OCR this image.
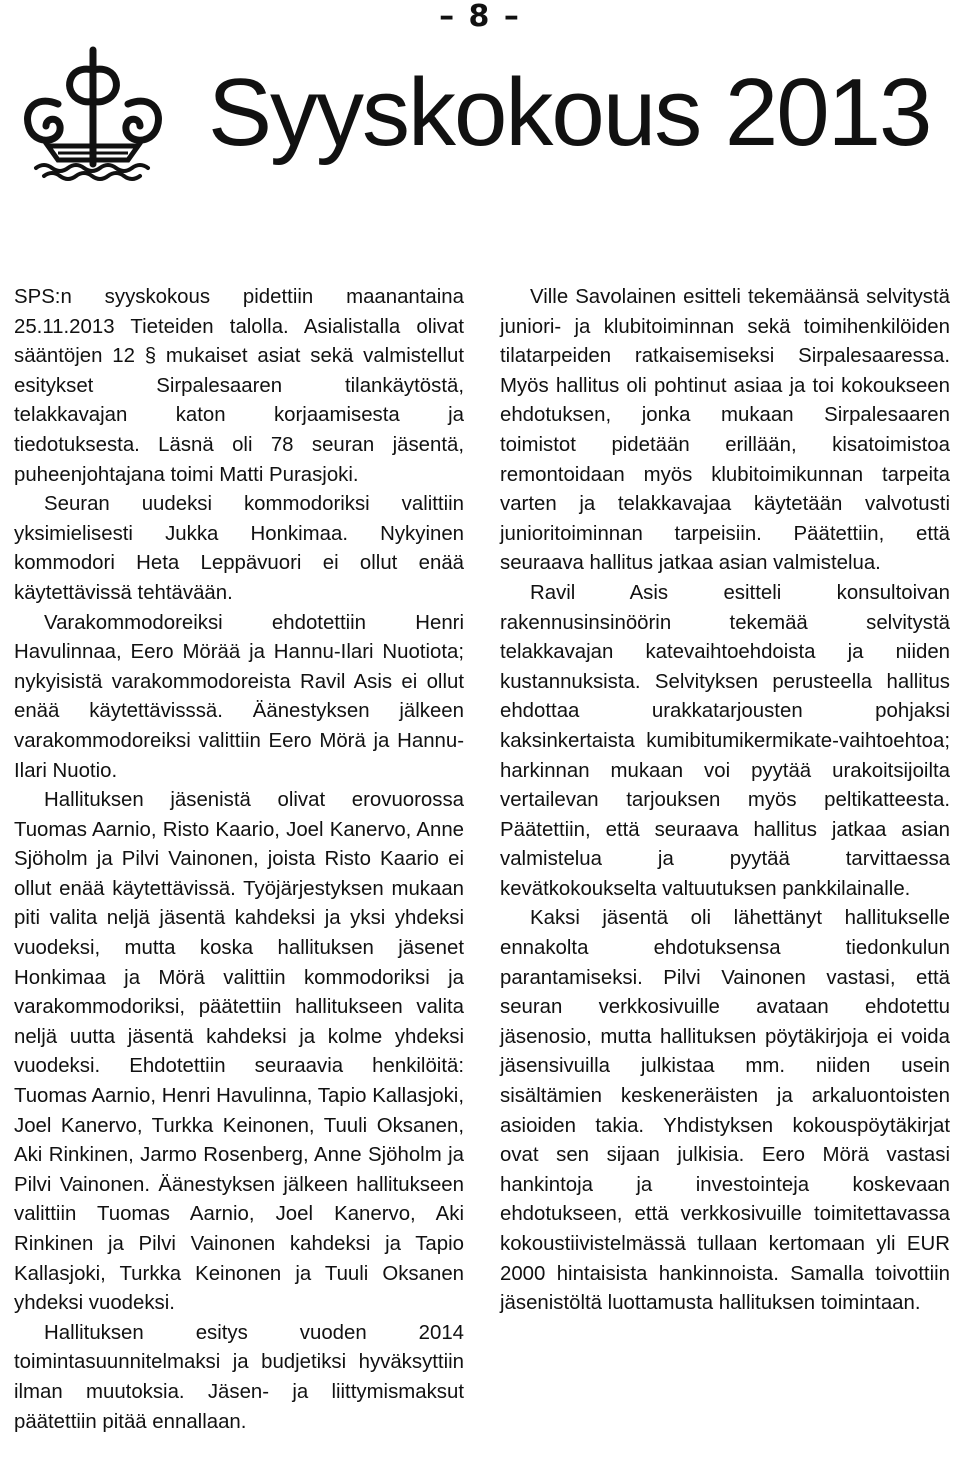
– 8 –
Syyskokous 2013

SPS:n syyskokous pidettiin maanantaina 25.11.2013 Tieteiden talolla. Asialistalla olivat sääntöjen 12 § mukaiset asiat sekä valmistellut esitykset Sirpalesaaren tilankäytöstä, telakkavajan katon korjaamisesta ja tiedotuksesta. Läsnä oli 78 seuran jäsentä, puheenjohtajana toimi Matti Purasjoki.

Seuran uudeksi kommodoriksi valittiin yksimielisesti Jukka Honkimaa. Nykyinen kommodori Heta Leppävuori ei ollut enää käytettävissä tehtävään.

Varakommodoreiksi ehdotettiin Henri Havulinnaa, Eero Mörää ja Hannu-Ilari Nuotiota; nykyisistä varakommodoreista Ravil Asis ei ollut enää käytettävisssä. Äänestyksen jälkeen varakommodoreiksi valittiin Eero Mörä ja Hannu-Ilari Nuotio.

Hallituksen jäsenistä olivat erovuorossa Tuomas Aarnio, Risto Kaario, Joel Kanervo, Anne Sjöholm ja Pilvi Vainonen, joista Risto Kaario ei ollut enää käytettävissä. Työjärjestyksen mukaan piti valita neljä jäsentä kahdeksi ja yksi yhdeksi vuodeksi, mutta koska hallituksen jäsenet Honkimaa ja Mörä valittiin kommodoriksi ja varakommodoriksi, päätettiin hallitukseen valita neljä uutta jäsentä kahdeksi ja kolme yhdeksi vuodeksi. Ehdotettiin seuraavia henkilöitä: Tuomas Aarnio, Henri Havulinna, Tapio Kallasjoki, Joel Kanervo, Turkka Keinonen, Tuuli Oksanen, Aki Rinkinen, Jarmo Rosenberg, Anne Sjöholm ja Pilvi Vainonen. Äänestyksen jälkeen hallitukseen valittiin Tuomas Aarnio, Joel Kanervo, Aki Rinkinen ja Pilvi Vainonen kahdeksi ja Tapio Kallasjoki, Turkka Keinonen ja Tuuli Oksanen yhdeksi vuodeksi.

Hallituksen esitys vuoden 2014 toimintasuunnitelmaksi ja budjetiksi hyväksyttiin ilman muutoksia. Jäsen- ja liittymismaksut päätettiin pitää ennallaan.

Ville Savolainen esitteli tekemäänsä selvitystä juniori- ja klubitoiminnan sekä toimihenkilöiden tilatarpeiden ratkaisemiseksi Sirpalesaaressa. Myös hallitus oli pohtinut asiaa ja toi kokoukseen ehdotuksen, jonka mukaan Sirpalesaaren toimistot pidetään erillään, kisatoimistoa remontoidaan myös klubitoimikunnan tarpeita varten ja telakkavajaa käytetään valvotusti junioritoiminnan tarpeisiin. Päätettiin, että seuraava hallitus jatkaa asian valmistelua.

Ravil Asis esitteli konsultoivan rakennusinsinöörin tekemää selvitystä telakkavajan katevaihtoehdoista ja niiden kustannuksista. Selvityksen perusteella hallitus ehdottaa urakkatarjousten pohjaksi kaksinkertaista kumibitumikermikate-vaihtoehtoa; harkinnan mukaan voi pyytää urakoitsijoilta vertailevan tarjouksen myös peltikatteesta. Päätettiin, että seuraava hallitus jatkaa asian valmistelua ja pyytää tarvittaessa kevätkokoukselta valtuutuksen pankkilainalle.

Kaksi jäsentä oli lähettänyt hallitukselle ennakolta ehdotuksensa tiedonkulun parantamiseksi. Pilvi Vainonen vastasi, että seuran verkkosivuille avataan ehdotettu jäsenosio, mutta hallituksen pöytäkirjoja ei voida jäsensivuilla julkistaa mm. niiden usein sisältämien keskeneräisten ja arkaluontoisten asioiden takia. Yhdistyksen kokouspöytäkirjat ovat sen sijaan julkisia. Eero Mörä vastasi hankintoja ja investointeja koskevaan ehdotukseen, että verkkosivuille toimitettavassa kokoustiivistelmässä tullaan kertomaan yli EUR 2000 hintaisista hankinnoista. Samalla toivottiin jäsenistöltä luottamusta hallituksen toimintaan.
